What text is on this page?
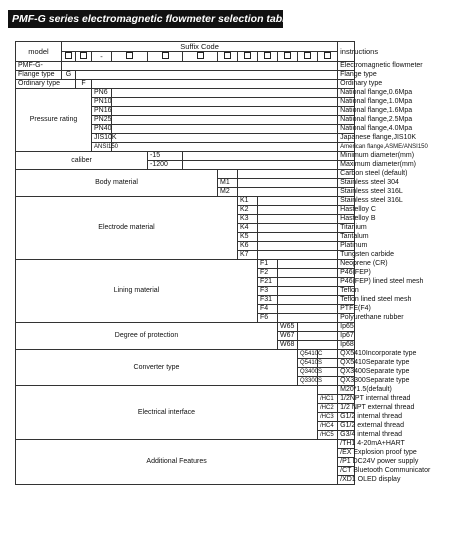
PMF-G series electromagnetic flowmeter selection table
model	Suffix Code												instructions
			-										
PMF-G-													Electromagnetic flowmeter
Flange type	G												Flange type
Ordinary type		F											Ordinary type
Pressure rating			PN6										National flange,0.6Mpa
			PN10										National flange,1.0Mpa
			PN16										National flange,1.6Mpa
			PN25										National flange,2.5Mpa
			PN40										National flange,4.0Mpa
			JIS10K										Japanese flange,JIS10K
			ANSI150										American flange,ASME/ANSI150
caliber					-15								Minimum diameter(mm)
					-1200								Maximum diameter(mm)
Body material													Carbon steel (default)
							M1						Stainless steel 304
							M2						Stainless steel 316L
Electrode material								K1					Stainless steel 316L
								K2					Hastelloy C
								K3					Hastelloy B
								K4					Titanium
								K5					Tantalum
								K6					Platinum
								K7					Tungsten carbide
Lining material									F1				Neoprene (CR)
									F2				P46(FEP)
									F21				P46(FEP) lined steel mesh
									F3				Teflon
									F31				Teflon lined steel mesh
									F4				PTFE(F4)
									F6				Polyurethane rubber
Degree of protection										W65			Ip65
										W67			Ip67
										W68			Ip68
Converter type											Q5410C		QX5410Incorporate type
											Q5410S		QX5410Separate type
											Q3400S		QX3400Separate type
											Q3300S		QX3300Separate type
Electrical interface													M20*1.5(default)
												/HC1	1/2NPT internal thread
												/HC2	1/2 NPT external thread
												/HC3	G1/2 internal thread
												/HC4	G1/2 external thread
												/HC5	G3/4 internal thread
Additional Features													/TH1 4-20mA+HART
													/EX Explosion proof type
													/P1 DC24V power supply
													/CT Bluetooth Communicator
													/XD1 OLED display
